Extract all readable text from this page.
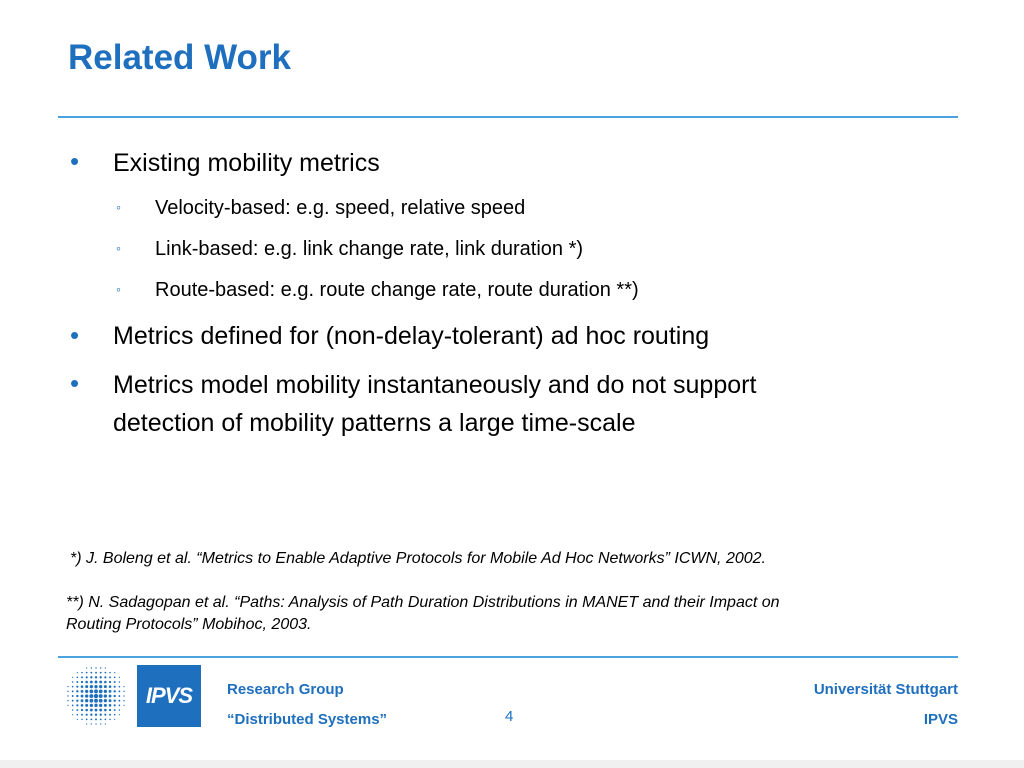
Related Work
• Existing mobility metrics
◦ Velocity-based: e.g. speed, relative speed
◦ Link-based: e.g. link change rate, link duration *)
◦ Route-based: e.g. route change rate, route duration **)
• Metrics defined for (non-delay-tolerant) ad hoc routing
• Metrics model mobility instantaneously and do not support
detection of mobility patterns a large time-scale
*) J. Boleng et al. “Metrics to Enable Adaptive Protocols for Mobile Ad Hoc Networks” ICWN, 2002.
**) N. Sadagopan et al. “Paths: Analysis of Path Duration Distributions in MANET and their Impact on
Routing Protocols” Mobihoc, 2003.
IPVS Research Group
“Distributed Systems”	4
Universität Stuttgart
IPVS
